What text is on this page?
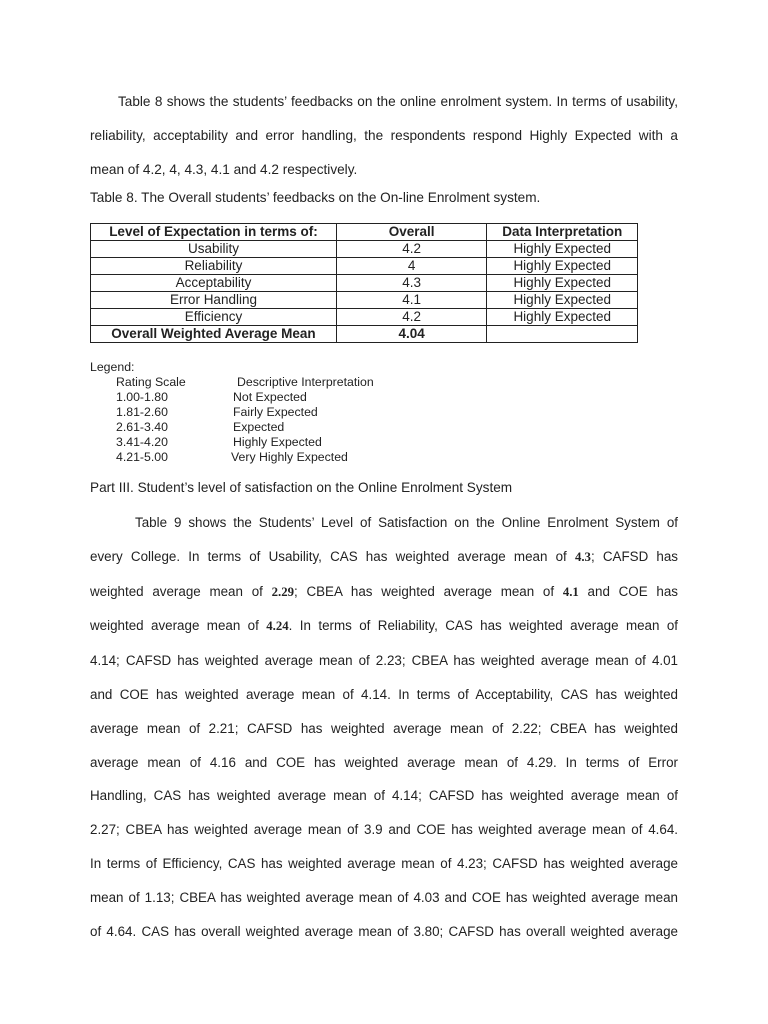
Table 8 shows the students’ feedbacks on the online enrolment system. In terms of usability,
reliability, acceptability and error handling, the respondents respond Highly Expected with a
mean of 4.2, 4, 4.3, 4.1 and 4.2 respectively.
Table 8. The Overall students’ feedbacks on the On-line Enrolment system.
Level of Expectation in terms of:	Overall	Data Interpretation
Usability	4.2	Highly Expected
Reliability	4	Highly Expected
Acceptability	4.3	Highly Expected
Error Handling	4.1	Highly Expected
Efficiency	4.2	Highly Expected
Overall Weighted Average Mean	4.04	
Legend:
Rating Scale	Descriptive Interpretation
1.00-1.80	Not Expected
1.81-2.60	Fairly Expected
2.61-3.40	Expected
3.41-4.20	Highly Expected
4.21-5.00	Very Highly Expected
Part III. Student’s level of satisfaction on the Online Enrolment System
Table 9 shows the Students’ Level of Satisfaction on the Online Enrolment System of
every College. In terms of Usability, CAS has weighted average mean of 4.3; CAFSD has
weighted average mean of 2.29; CBEA has weighted average mean of 4.1 and COE has
weighted average mean of 4.24. In terms of Reliability, CAS has weighted average mean of
4.14; CAFSD has weighted average mean of 2.23; CBEA has weighted average mean of 4.01
and COE has weighted average mean of 4.14. In terms of Acceptability, CAS has weighted
average mean of 2.21; CAFSD has weighted average mean of 2.22; CBEA has weighted
average mean of 4.16 and COE has weighted average mean of 4.29. In terms of Error
Handling, CAS has weighted average mean of 4.14; CAFSD has weighted average mean of
2.27; CBEA has weighted average mean of 3.9 and COE has weighted average mean of 4.64.
In terms of Efficiency, CAS has weighted average mean of 4.23; CAFSD has weighted average
mean of 1.13; CBEA has weighted average mean of 4.03 and COE has weighted average mean
of 4.64. CAS has overall weighted average mean of 3.80; CAFSD has overall weighted average
